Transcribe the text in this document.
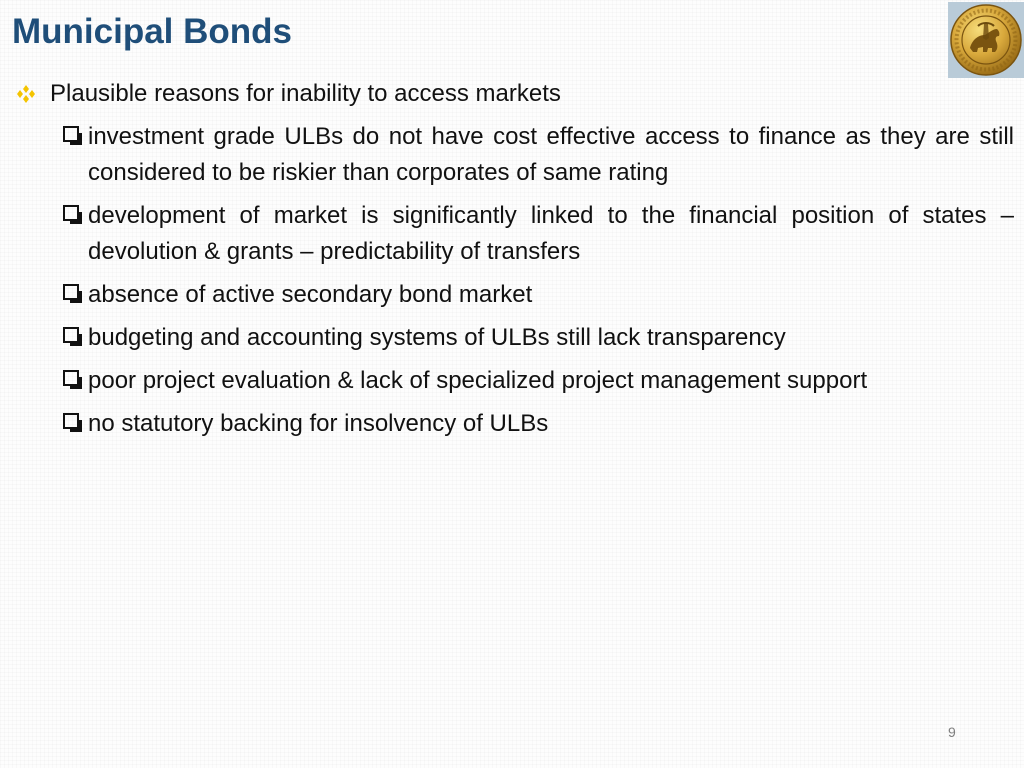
Municipal Bonds
Plausible reasons for inability to access markets
investment grade ULBs do not have cost effective access to finance as they are still considered to be riskier than corporates of same rating
development of market is significantly linked to the financial position of states – devolution & grants – predictability of transfers
absence of active secondary bond market
budgeting and accounting systems of ULBs still lack transparency
poor project evaluation & lack of specialized project management support
no statutory backing for insolvency of ULBs
9
